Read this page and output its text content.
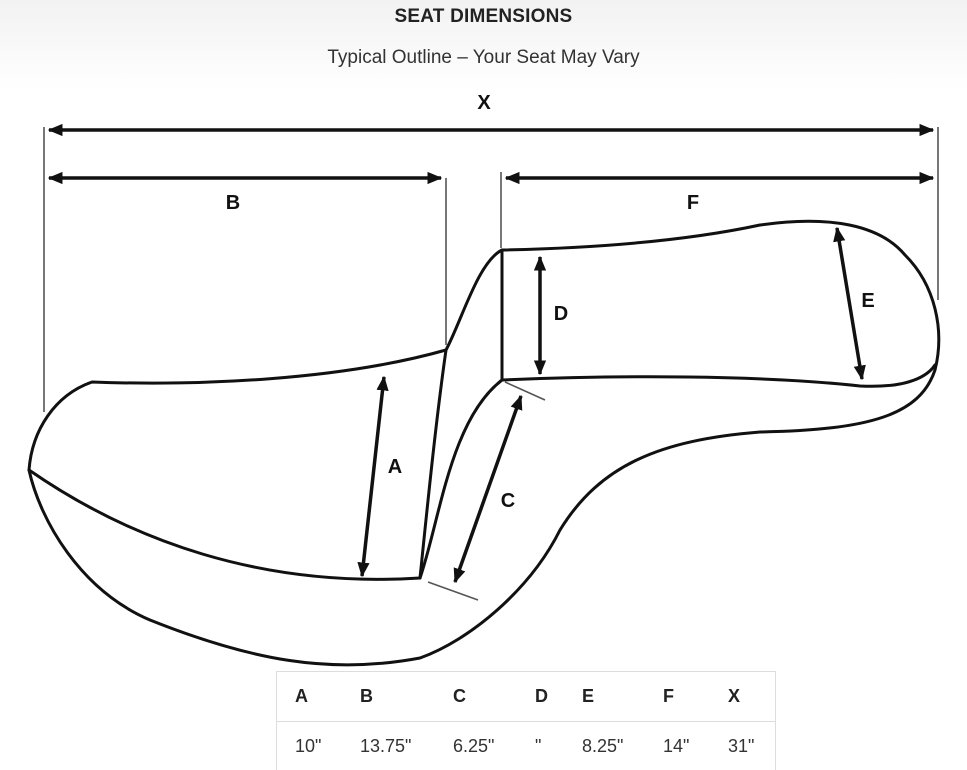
SEAT DIMENSIONS
Typical Outline – Your Seat May Vary
X
B	F
D
E
A
C
A	B	C	D	E	F	X
10"	13.75"	6.25"	"	8.25"	14"	31"
